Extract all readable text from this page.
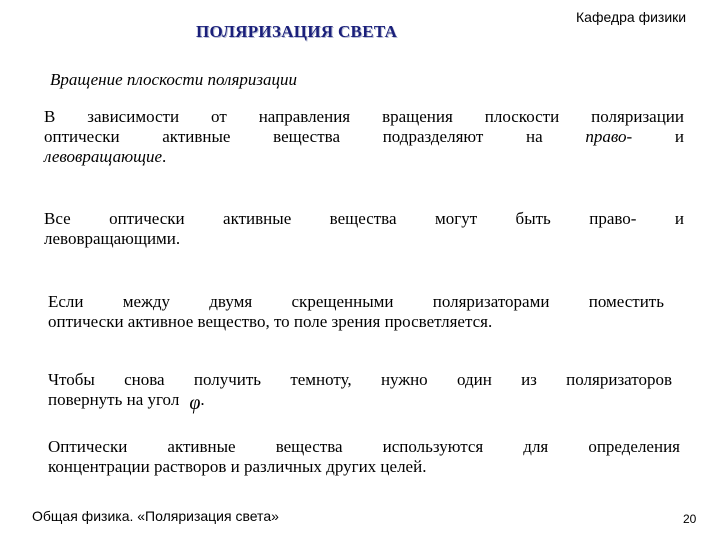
ПОЛЯРИЗАЦИЯ СВЕТА
Кафедра физики
Вращение плоскости поляризации
В зависимости от направления вращения плоскости поляризации
оптически активные вещества подразделяют на право- и
левовращающие.
Все оптически активные вещества могут быть право- и
левовращающими.
Если между двумя скрещенными поляризаторами поместить
оптически активное вещество, то поле зрения просветляется.
Чтобы снова получить темноту, нужно один из поляризаторов
повернуть на угол φ.
Оптически активные вещества используются для определения
концентрации растворов и различных других целей.
Общая физика. «Поляризация света»	20
